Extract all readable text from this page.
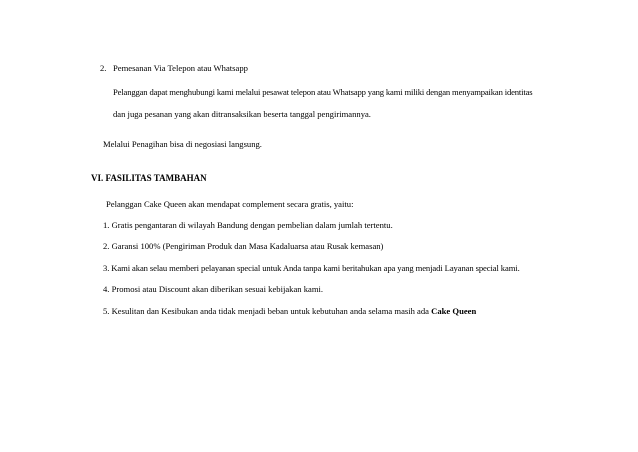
2. Pemesanan Via Telepon atau Whatsapp
Pelanggan dapat menghubungi kami melalui pesawat telepon atau Whatsapp yang kami miliki dengan menyampaikan identitas
dan juga pesanan yang akan ditransaksikan beserta tanggal pengirimannya.
Melalui Penagihan bisa di negosiasi langsung.
VI. FASILITAS TAMBAHAN
Pelanggan Cake Queen akan mendapat complement secara gratis, yaitu:
1. Gratis pengantaran di wilayah Bandung dengan pembelian dalam jumlah tertentu.
2. Garansi 100% (Pengiriman Produk dan Masa Kadaluarsa atau Rusak kemasan)
3. Kami akan selau memberi pelayanan special untuk Anda tanpa kami beritahukan apa yang menjadi Layanan special kami.
4. Promosi atau Discount akan diberikan sesuai kebijakan kami.
5. Kesulitan dan Kesibukan anda tidak menjadi beban untuk kebutuhan anda selama masih ada Cake Queen
